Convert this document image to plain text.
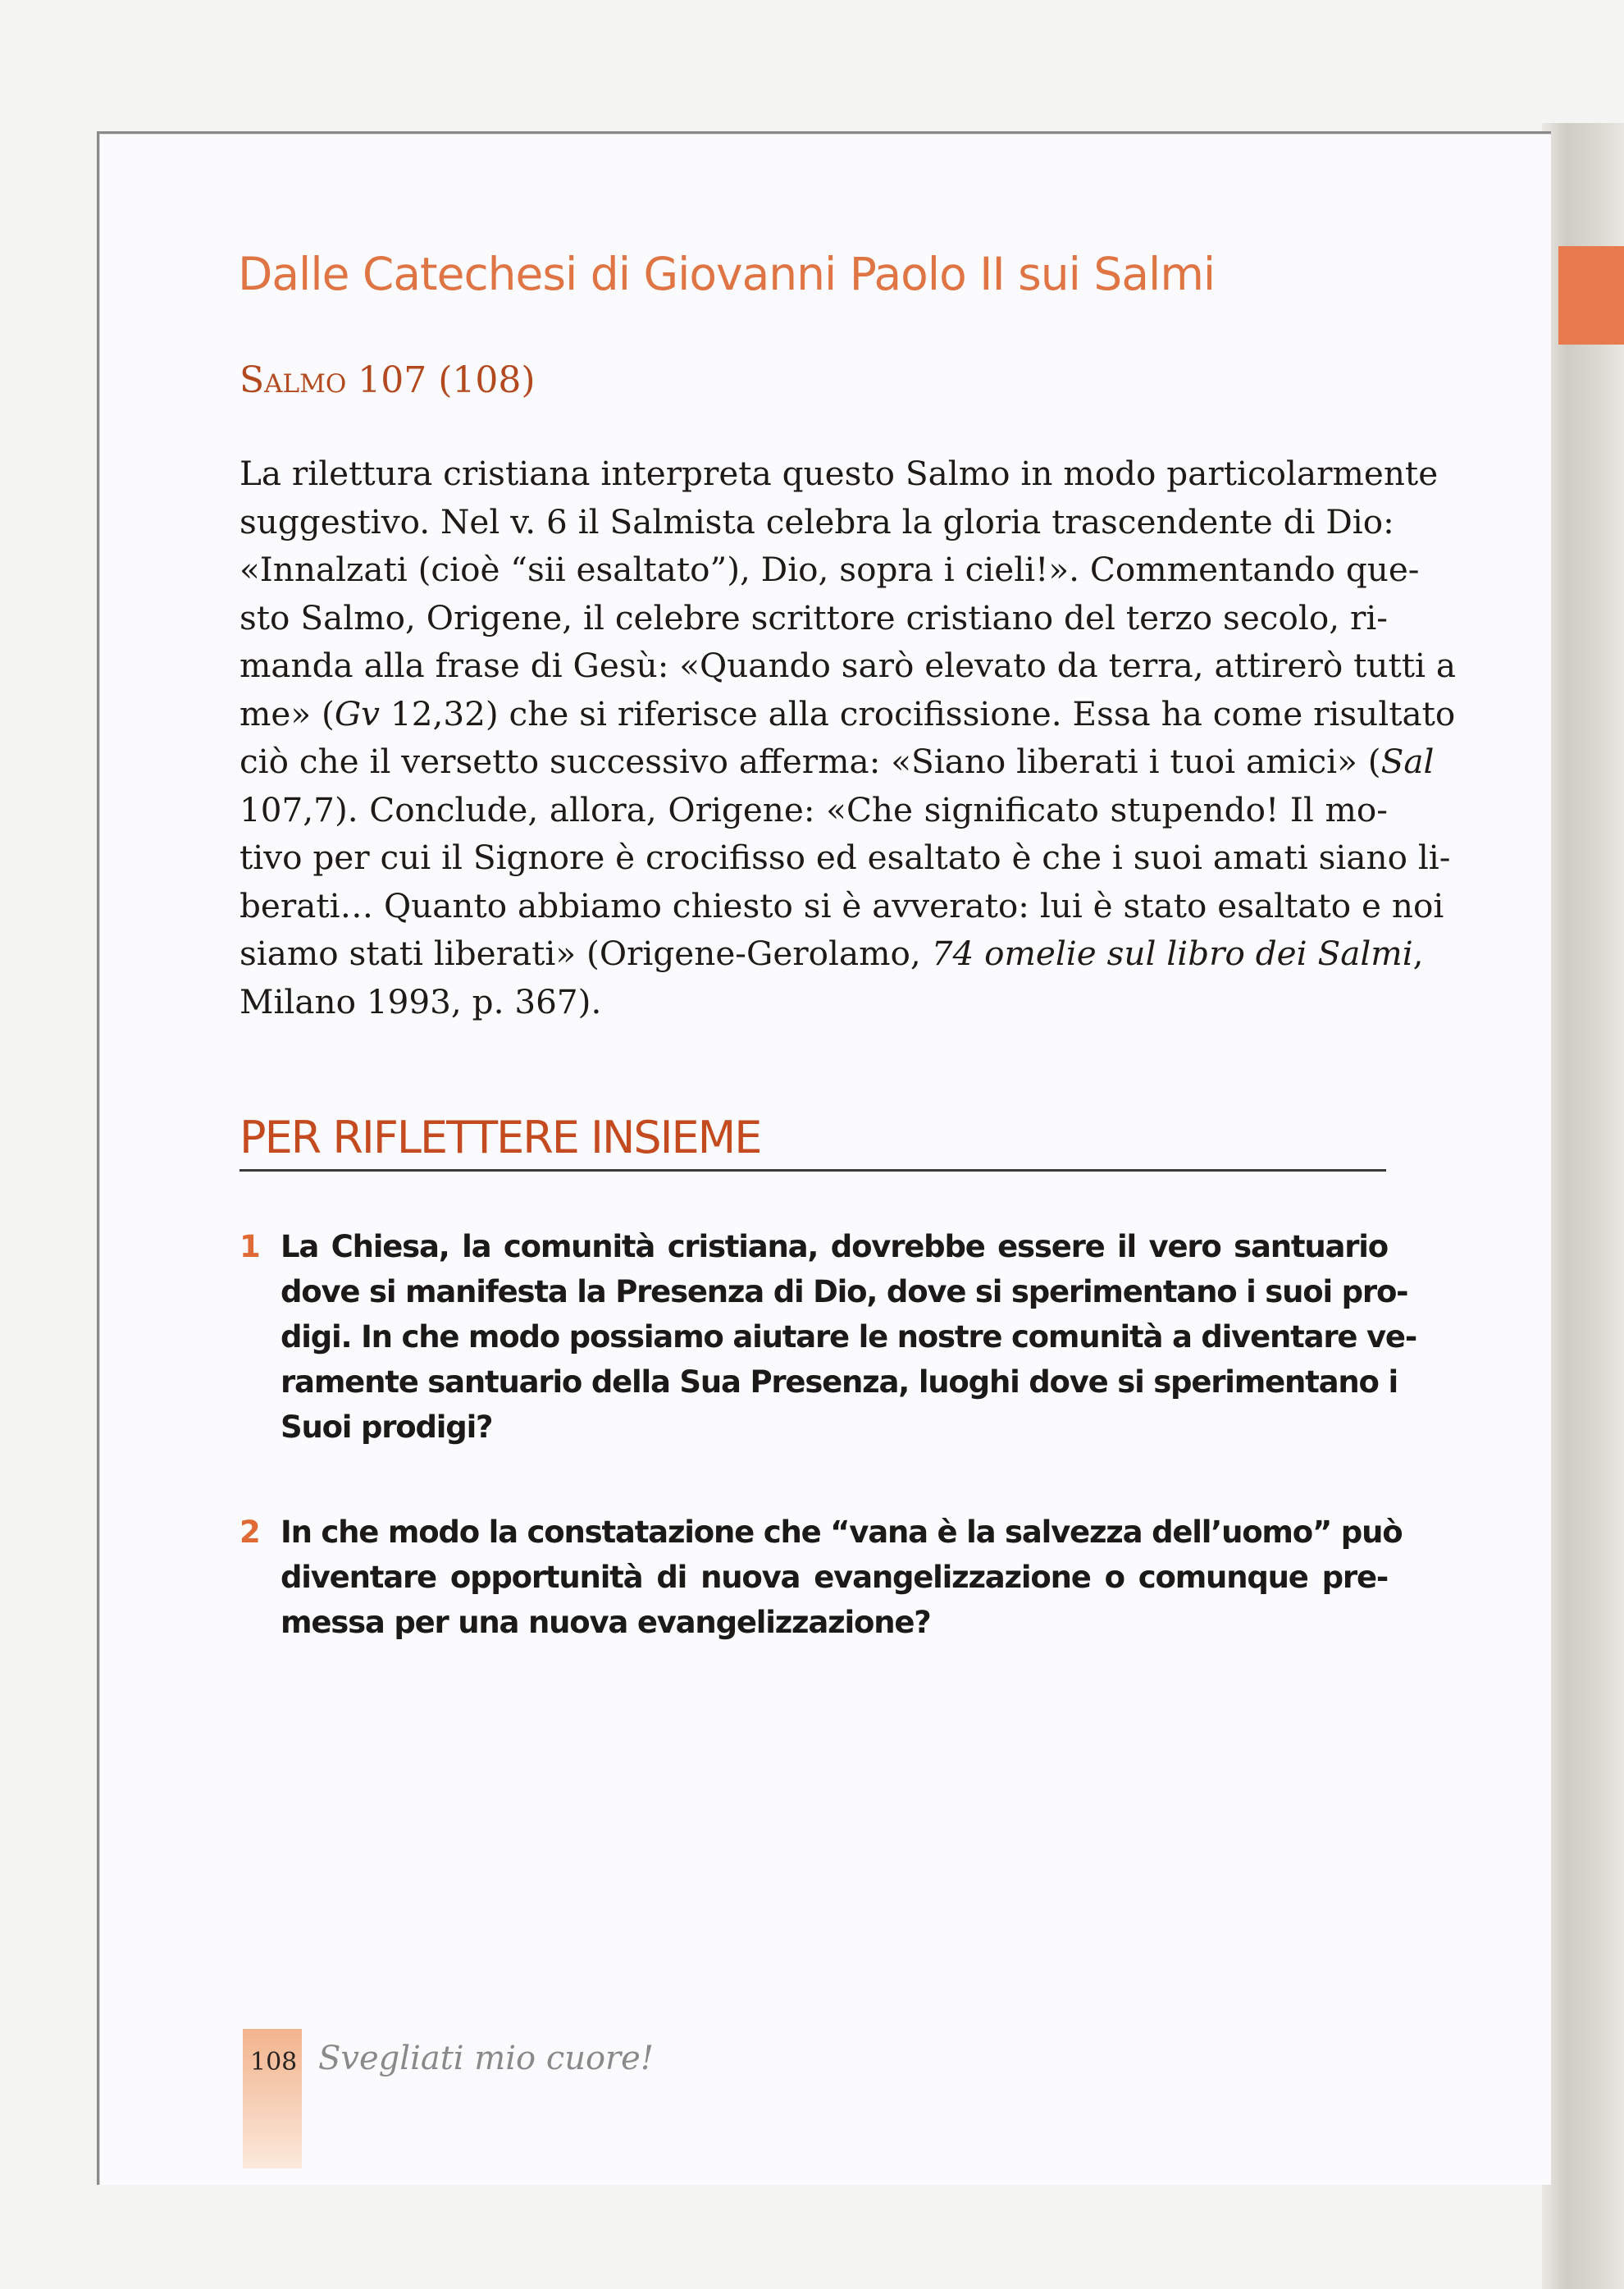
Dalle Catechesi di Giovanni Paolo II sui Salmi
Salmo 107 (108)
La rilettura cristiana interpreta questo Salmo in modo particolarmente
suggestivo. Nel v. 6 il Salmista celebra la gloria trascendente di Dio:
«Innalzati (cioè “sii esaltato”), Dio, sopra i cieli!». Commentando que-
sto Salmo, Origene, il celebre scrittore cristiano del terzo secolo, ri-
manda alla frase di Gesù: «Quando sarò elevato da terra, attirerò tutti a
me» (Gv 12,32) che si riferisce alla crocifissione. Essa ha come risultato
ciò che il versetto successivo afferma: «Siano liberati i tuoi amici» (Sal
107,7). Conclude, allora, Origene: «Che significato stupendo! Il mo-
tivo per cui il Signore è crocifisso ed esaltato è che i suoi amati siano li-
berati… Quanto abbiamo chiesto si è avverato: lui è stato esaltato e noi
siamo stati liberati» (Origene-Gerolamo, 74 omelie sul libro dei Salmi,
Milano 1993, p. 367).
PER RIFLETTERE INSIEME
1 La Chiesa, la comunità cristiana, dovrebbe essere il vero santuario
dove si manifesta la Presenza di Dio, dove si sperimentano i suoi pro-
digi. In che modo possiamo aiutare le nostre comunità a diventare ve-
ramente santuario della Sua Presenza, luoghi dove si sperimentano i
Suoi prodigi?
2 In che modo la constatazione che “vana è la salvezza dell’uomo” può
diventare opportunità di nuova evangelizzazione o comunque pre-
messa per una nuova evangelizzazione?
108 Svegliati mio cuore!
